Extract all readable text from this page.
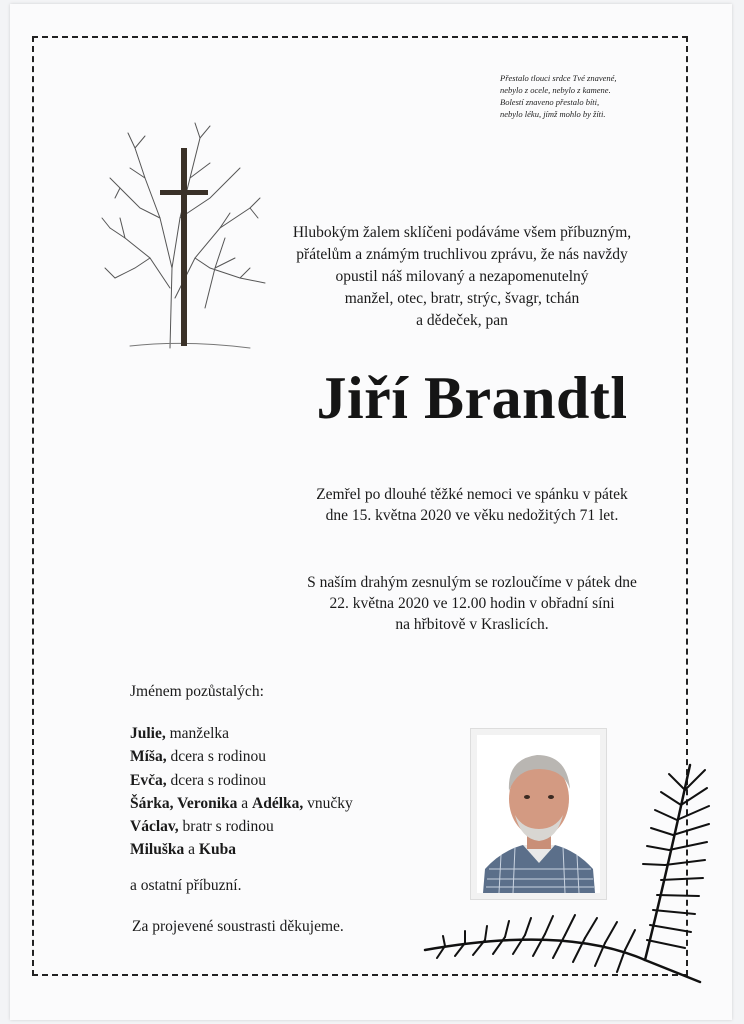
Přestalo tlouci srdce Tvé znavené,
nebylo z ocele, nebylo z kamene.
Bolestí znaveno přestalo bíti,
nebylo léku, jímž mohlo by žíti.
Hlubokým žalem sklíčeni podáváme všem příbuzným,
přátelům a známým truchlivou zprávu, že nás navždy
opustil náš milovaný a nezapomenutelný
manžel, otec, bratr, strýc, švagr, tchán
a dědeček, pan
Jiří Brandtl
Zemřel po dlouhé těžké nemoci ve spánku v pátek
dne 15. května 2020 ve věku nedožitých 71 let.
S naším drahým zesnulým se rozloučíme v pátek dne
22. května 2020 ve 12.00 hodin v obřadní síni
na hřbitově v Kraslicích.
Jménem pozůstalých:
Julie, manželka
Míša, dcera s rodinou
Evča, dcera s rodinou
Šárka, Veronika a Adélka, vnučky
Václav, bratr s rodinou
Miluška a Kuba
a ostatní příbuzní.
Za projevené soustrasti děkujeme.
